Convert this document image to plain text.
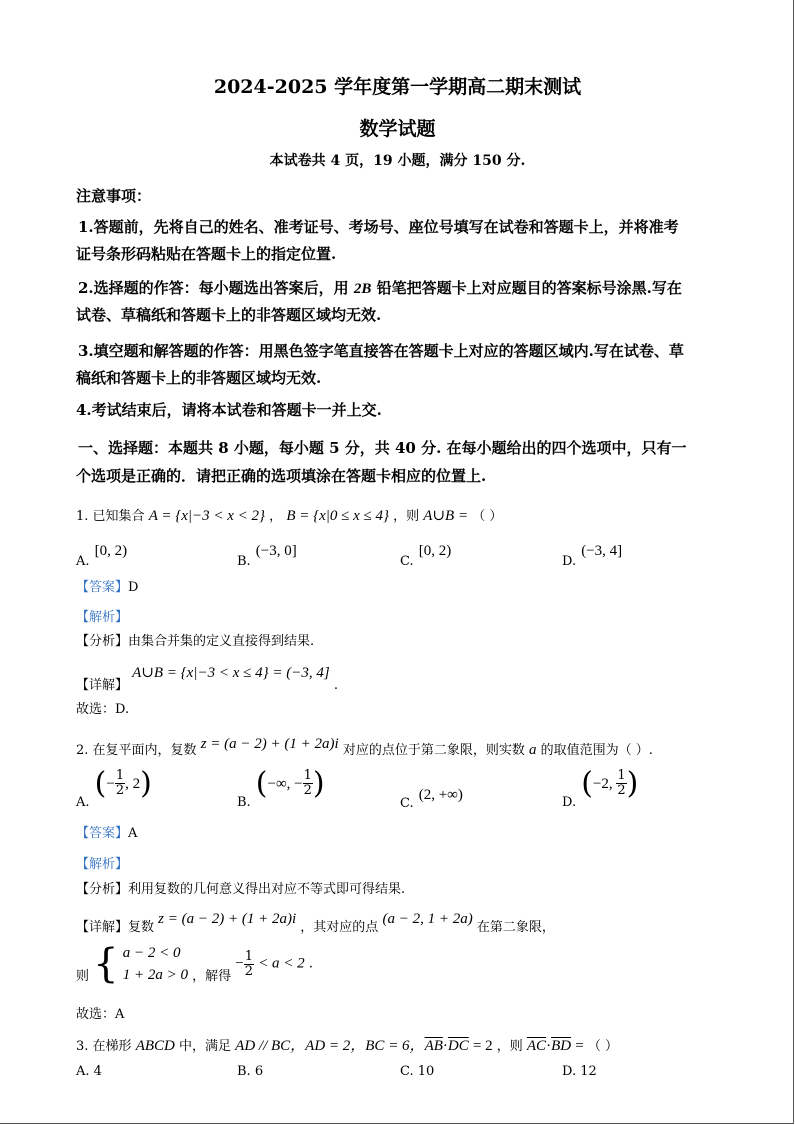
2024-2025 学年度第一学期高二期末测试
数学试题
本试卷共 4 页，19 小题，满分 150 分.
注意事项：
1.答题前，先将自己的姓名、准考证号、考场号、座位号填写在试卷和答题卡上，并将准考
证号条形码粘贴在答题卡上的指定位置.
2.选择题的作答：每小题选出答案后，用 2B 铅笔把答题卡上对应题目的答案标号涂黑.写在
试卷、草稿纸和答题卡上的非答题区域均无效.
3.填空题和解答题的作答：用黑色签字笔直接答在答题卡上对应的答题区域内.写在试卷、草
稿纸和答题卡上的非答题区域均无效.
4.考试结束后，请将本试卷和答题卡一并上交.
一、选择题：本题共 8 小题，每小题 5 分，共 40 分. 在每小题给出的四个选项中，只有一
个选项是正确的．请把正确的选项填涂在答题卡相应的位置上.
1. 已知集合 A = {x|−3 < x < 2} ， B = {x|0 ≤ x ≤ 4} ，则 A∪B = （ ）
$_{A.}$ [0, 2)
$_{B.}$ (−3, 0]
$_{C.}$ [0, 2)
$_{D.}$ (−3, 4]
【答案】D
【解析】
【分析】由集合并集的定义直接得到结果.
【详解】 A∪B = {x|−3 < x ≤ 4} = (−3, 4] .
故选：D.
2. 在复平面内，复数 z = (a − 2) + (1 + 2a)i 对应的点位于第二象限，则实数 a 的取值范围为（ ）.
$_{A.}$ (− $\frac{1}{2}$ , 2)
$_{B.}$ (−∞, − $\frac{1}{2}$ )
$_{C.}$ (2, +∞)	$_{D.}$ (−2, $\frac{1}{2}$ )
【答案】A
【解析】
【分析】利用复数的几何意义得出对应不等式即可得结果.
【详解】复数 z = (a − 2) + (1 + 2a)i ，其对应的点 (a − 2, 1 + 2a) 在第二象限，
则 { a − 2 < 0
1 + 2a > 0 ，解得 − $\frac{1}{2} < a < 2$ .
故选：A
3. 在梯形 ABCD 中，满足 AD // BC，AD = 2，BC = 6，$\overline{AB}\cdot\overline{DC} = 2$ ，则 $\overline{AC}\cdot\overline{BD}$ = （ ）
A. 4	B. 6	C. 10	D. 12
